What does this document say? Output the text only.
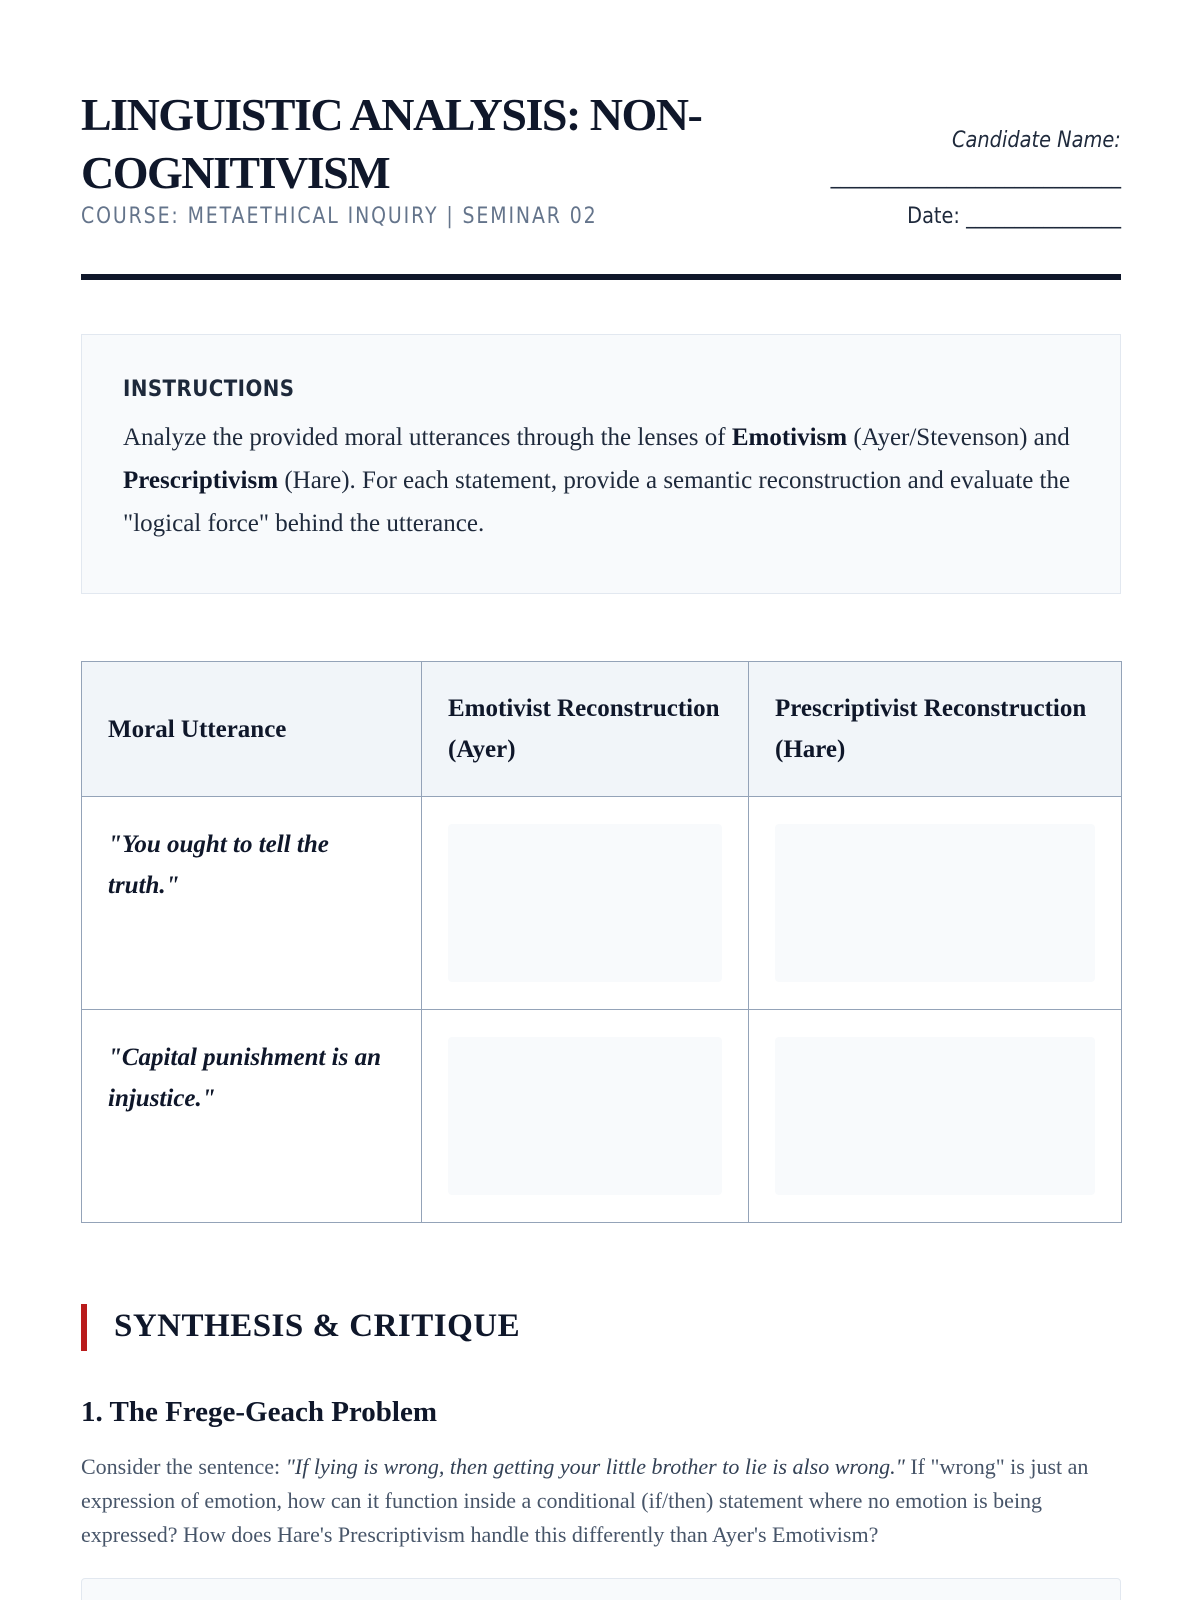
LINGUISTIC ANALYSIS: NON-COGNITIVISM
COURSE: METAETHICAL INQUIRY | SEMINAR 02
Candidate Name:
______________________________
Date: ________________
INSTRUCTIONS

Analyze the provided moral utterances through the lenses of Emotivism (Ayer/Stevenson) and Prescriptivism (Hare). For each statement, provide a semantic reconstruction and evaluate the "logical force" behind the utterance.

Moral Utterance	Emotivist Reconstruction (Ayer)	Prescriptivist Reconstruction (Hare)

"You ought to tell the truth."		

"Capital punishment is an injustice."		

SYNTHESIS & CRITIQUE
1. The Frege-Geach Problem

Consider the sentence: "If lying is wrong, then getting your little brother to lie is also wrong." If "wrong" is just an expression of emotion, how can it function inside a conditional (if/then) statement where no emotion is being expressed? How does Hare's Prescriptivism handle this differently than Ayer's Emotivism?
